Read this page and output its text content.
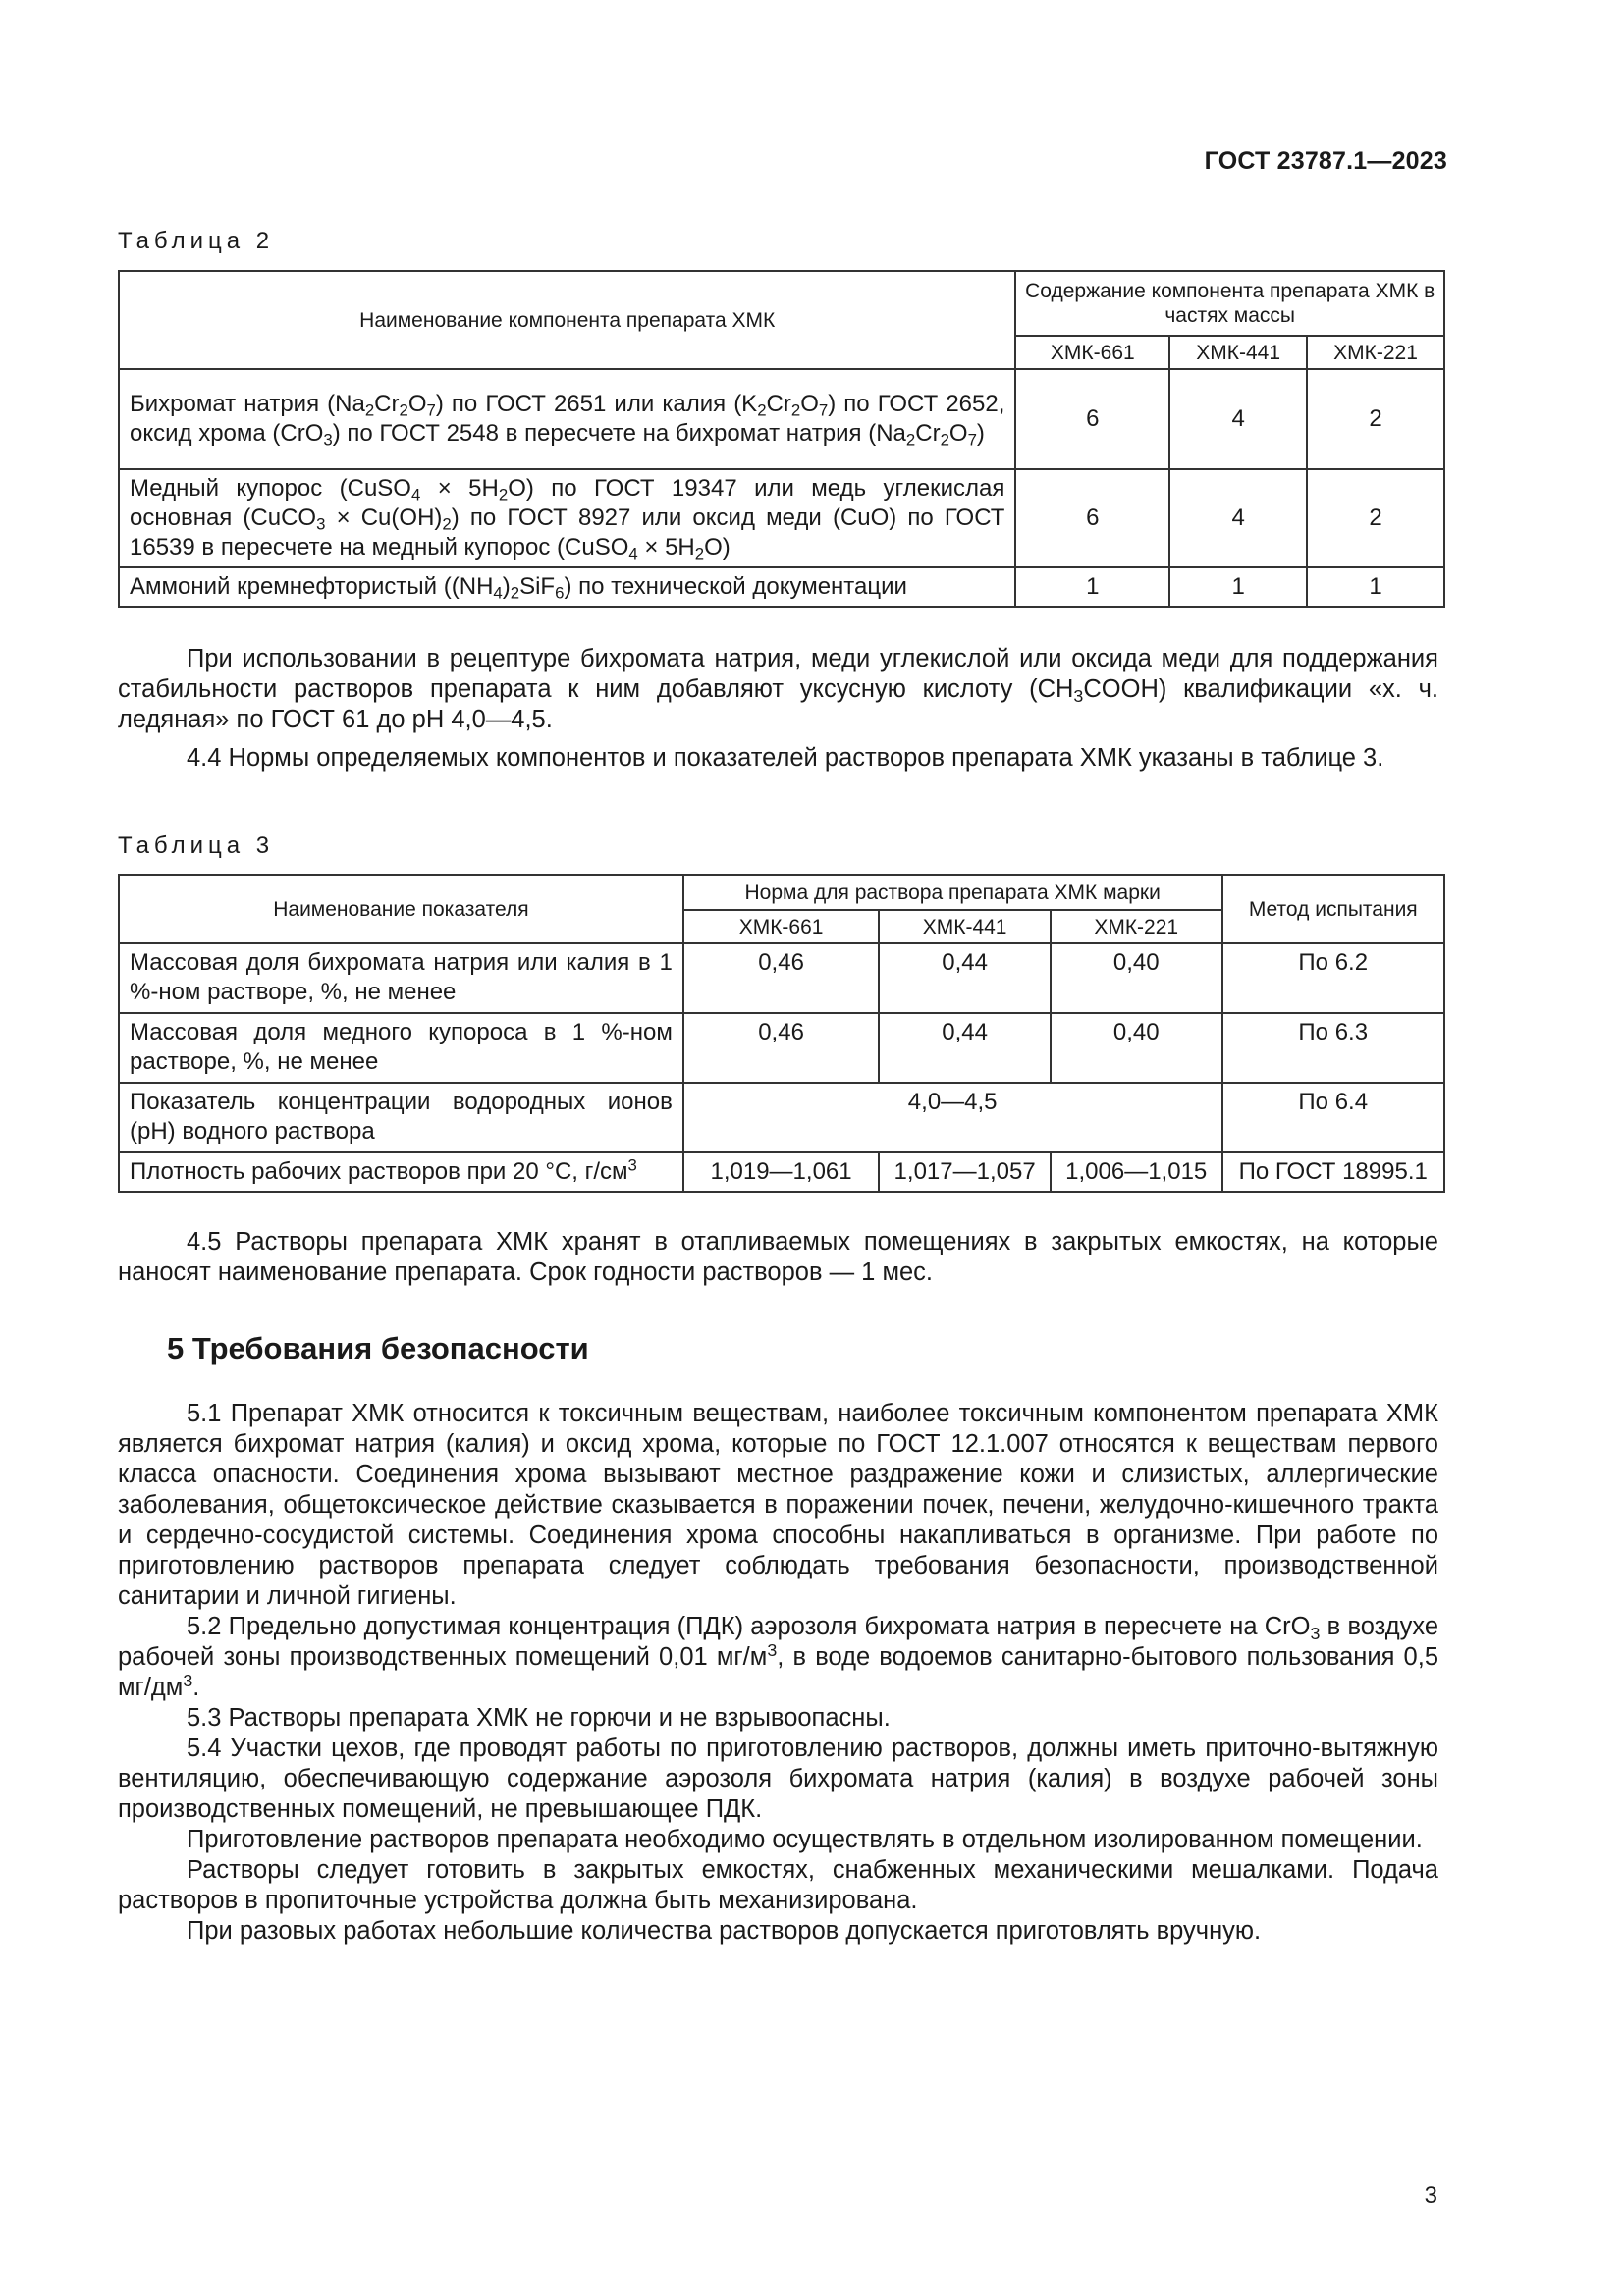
ГОСТ 23787.1—2023
Таблица 2
Наименование компонента препарата ХМК	Содержание компонента препарата ХМК в частях массы		
	ХМК-661	ХМК-441	ХМК-221
Бихромат натрия $(Na_2Cr_2O_7)$ по ГОСТ 2651 или калия $(K_2Cr_2O_7)$ по ГОСТ 2652, оксид хрома (CrO$_3$) по ГОСТ 2548 в пересчете на бихромат натрия $(Na_2Cr_2O_7)$	6	4	2
Медный купорос (CuSO$_4$ × $5H_2O$) по ГОСТ 19347 или медь углекислая основная (CuCO$_3$ × $Cu(OH)_2$) по ГОСТ 8927 или оксид меди (CuO) по ГОСТ 16539 в пересчете на медный купорос (CuSO$_4$ × $5H_2O$)	6	4	2
Аммоний кремнефтористый $((NH_4)_2SiF_6)$ по технической документации	1	1	1

При использовании в рецептуре бихромата натрия, меди углекислой или оксида меди для поддержания стабильности растворов препарата к ним добавляют уксусную кислоту $(CH_3COOH)$ квалификации «х. ч. ледяная» по ГОСТ 61 до pH 4,0—4,5.

4.4 Нормы определяемых компонентов и показателей растворов препарата ХМК указаны в таблице 3.

Таблица 3
Наименование показателя	Норма для раствора препарата ХМК марки			Метод испытания
	ХМК-661	ХМК-441	ХМК-221	
Массовая доля бихромата натрия или калия в 1 %-ном растворе, %, не менее	0,46	0,44	0,40	По 6.2
Массовая доля медного купороса в 1 %-ном растворе, %, не менее	0,46	0,44	0,40	По 6.3
Показатель концентрации водородных ионов (pH) водного раствора	4,0—4,5			По 6.4
Плотность рабочих растворов при 20 °С, $г/см^3$	1,019—1,061	1,017—1,057	1,006—1,015	По ГОСТ 18995.1

4.5 Растворы препарата ХМК хранят в отапливаемых помещениях в закрытых емкостях, на которые наносят наименование препарата. Срок годности растворов — 1 мес.

5 Требования безопасности

5.1 Препарат ХМК относится к токсичным веществам, наиболее токсичным компонентом препарата ХМК является бихромат натрия (калия) и оксид хрома, которые по ГОСТ 12.1.007 относятся к веществам первого класса опасности. Соединения хрома вызывают местное раздражение кожи и слизистых, аллергические заболевания, общетоксическое действие сказывается в поражении почек, печени, желудочно-кишечного тракта и сердечно-сосудистой системы. Соединения хрома способны накапливаться в организме. При работе по приготовлению растворов препарата следует соблюдать требования безопасности, производственной санитарии и личной гигиены.

5.2 Предельно допустимая концентрация (ПДК) аэрозоля бихромата натрия в пересчете на CrO$_3$ в воздухе рабочей зоны производственных помещений 0,01 $мг/м^3$, в воде водоемов санитарно-бытового пользования 0,5 $мг/дм^3$.

5.3 Растворы препарата ХМК не горючи и не взрывоопасны.

5.4 Участки цехов, где проводят работы по приготовлению растворов, должны иметь приточно-вытяжную вентиляцию, обеспечивающую содержание аэрозоля бихромата натрия (калия) в воздухе рабочей зоны производственных помещений, не превышающее ПДК.

Приготовление растворов препарата необходимо осуществлять в отдельном изолированном помещении.

Растворы следует готовить в закрытых емкостях, снабженных механическими мешалками. Подача растворов в пропиточные устройства должна быть механизирована.

При разовых работах небольшие количества растворов допускается приготовлять вручную.

3
